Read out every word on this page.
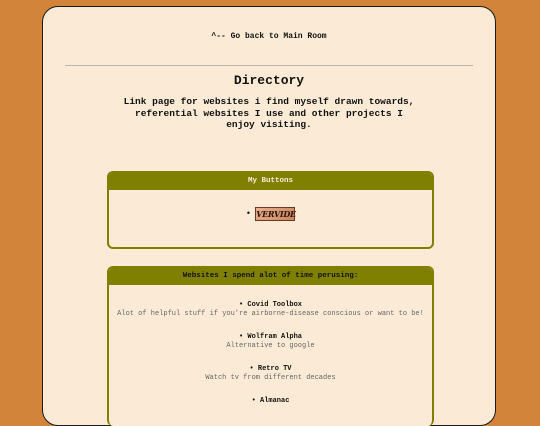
^-- Go back to Main Room
Directory

Link page for websites i find myself drawn towards, referential websites I use and other projects I enjoy visiting.

My Buttons
• VERVIDE
Websites I spend alot of time perusing:
• Covid Toolbox
Alot of helpful stuff if you're airborne-disease conscious or want to be!
• Wolfram Alpha
Alternative to google
• Retro TV
Watch tv from different decades
• Almanac
